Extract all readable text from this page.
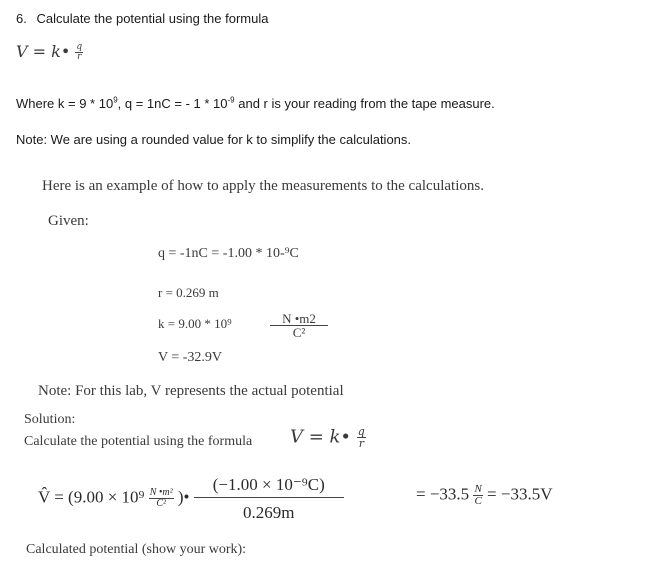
6. Calculate the potential using the formula
V = k• $\frac{q}{r}$
Where $k = 9 * 10^9$, q = 1nC = - $1 * 10^{-9}$ and r is your reading from the tape measure.
Note: We are using a rounded value for k to simplify the calculations.
Here is an example of how to apply the measurements to the calculations.
Given:
q = -1nC = -1.00 * 10-⁹C
r = 0.269 m
k = 9.00 * 10⁹	$\frac{N •m2}{\text{C²}}$
V = -32.9V
Note: For this lab, V represents the actual potential
Solution:
Calculate the potential using the formula V = k• $\frac{q}{r}$
V̂ = ($9.00 \times 10^9 \frac{\text{N •m²}}{\text{C²}}$ )• $\frac{\text{(−1.00 × 10⁻⁹C)}}{0.269m}$	= $-33.5 \frac{N}{C} = -33.5V$
Calculated potential (show your work):
